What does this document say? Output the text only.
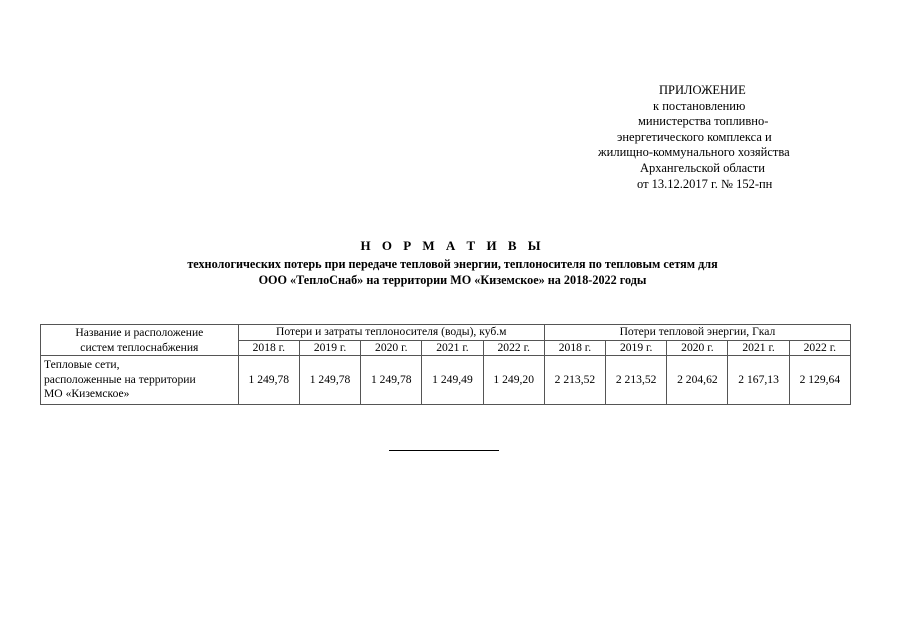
ПРИЛОЖЕНИЕ
к постановлению
министерства топливно-
энергетического комплекса и
жилищно-коммунального хозяйства
Архангельской области
от 13.12.2017 г. № 152-пн
Н О Р М А Т И В Ы
технологических потерь при передаче тепловой энергии, теплоносителя по тепловым сетям для
ООО «ТеплоСнаб» на территории МО «Киземское» на 2018-2022 годы
Название и расположение
систем теплоснабжения	Потери и затраты теплоносителя (воды), куб.м					Потери тепловой энергии, Гкал				
	2018 г.	2019 г.	2020 г.	2021 г.	2022 г.	2018 г.	2019 г.	2020 г.	2021 г.	2022 г.

Тепловые сети,
расположенные на территории
МО «Киземское»	1 249,78	1 249,78	1 249,78	1 249,49	1 249,20	2 213,52	2 213,52	2 204,62	2 167,13	2 129,64
